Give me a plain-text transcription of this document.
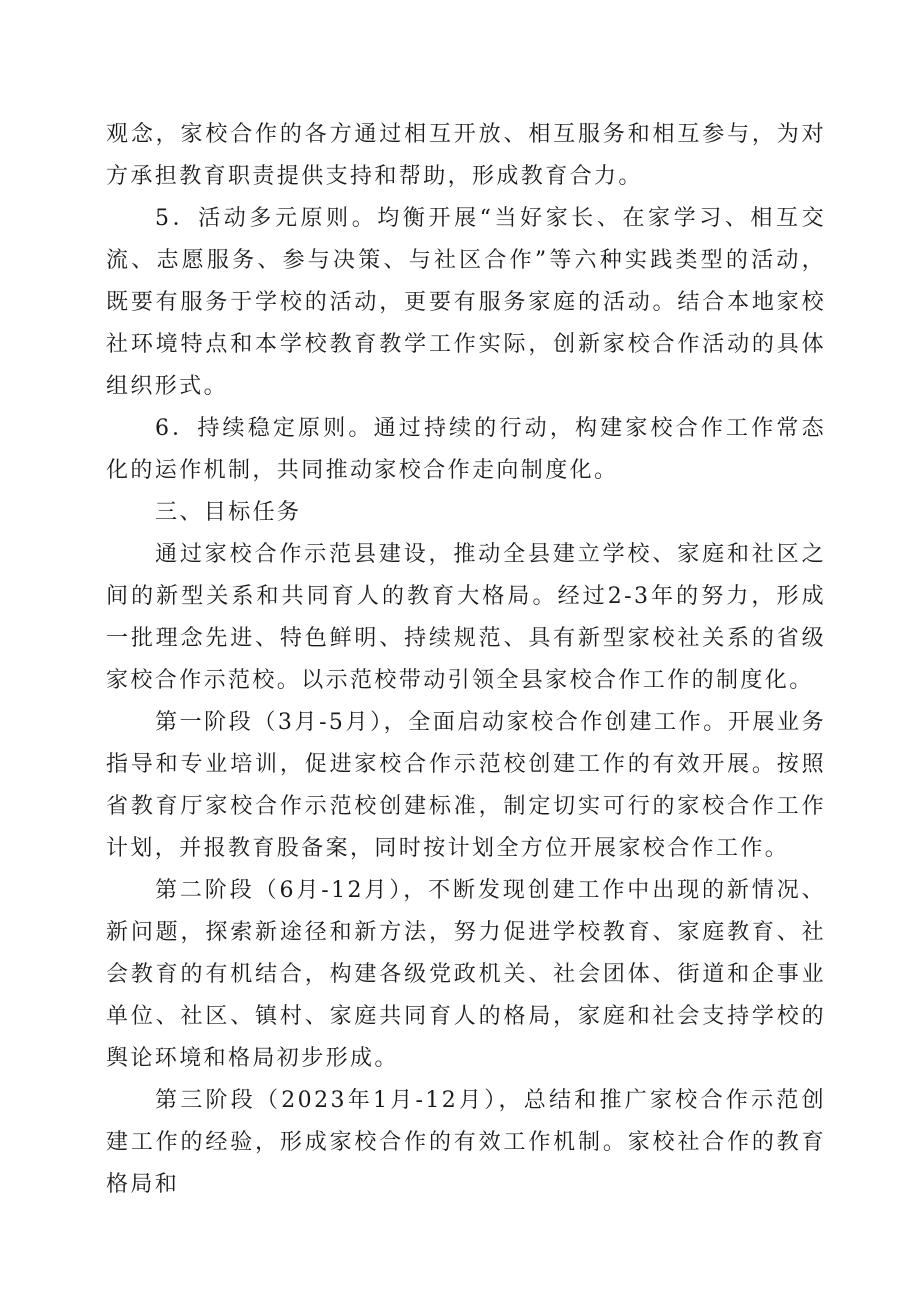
观念，家校合作的各方通过相互开放、相互服务和相互参与，为对方承担教育职责提供支持和帮助，形成教育合力。

5．活动多元原则。均衡开展“当好家长、在家学习、相互交流、志愿服务、参与决策、与社区合作”等六种实践类型的活动，既要有服务于学校的活动，更要有服务家庭的活动。结合本地家校社环境特点和本学校教育教学工作实际，创新家校合作活动的具体组织形式。

6．持续稳定原则。通过持续的行动，构建家校合作工作常态化的运作机制，共同推动家校合作走向制度化。

三、目标任务

通过家校合作示范县建设，推动全县建立学校、家庭和社区之间的新型关系和共同育人的教育大格局。经过2-3年的努力，形成一批理念先进、特色鲜明、持续规范、具有新型家校社关系的省级家校合作示范校。以示范校带动引领全县家校合作工作的制度化。

第一阶段（3月-5月），全面启动家校合作创建工作。开展业务指导和专业培训，促进家校合作示范校创建工作的有效开展。按照省教育厅家校合作示范校创建标准，制定切实可行的家校合作工作计划，并报教育股备案，同时按计划全方位开展家校合作工作。

第二阶段（6月-12月），不断发现创建工作中出现的新情况、新问题，探索新途径和新方法，努力促进学校教育、家庭教育、社会教育的有机结合，构建各级党政机关、社会团体、街道和企事业单位、社区、镇村、家庭共同育人的格局，家庭和社会支持学校的舆论环境和格局初步形成。

第三阶段（2023年1月-12月），总结和推广家校合作示范创建工作的经验，形成家校合作的有效工作机制。家校社合作的教育格局和
